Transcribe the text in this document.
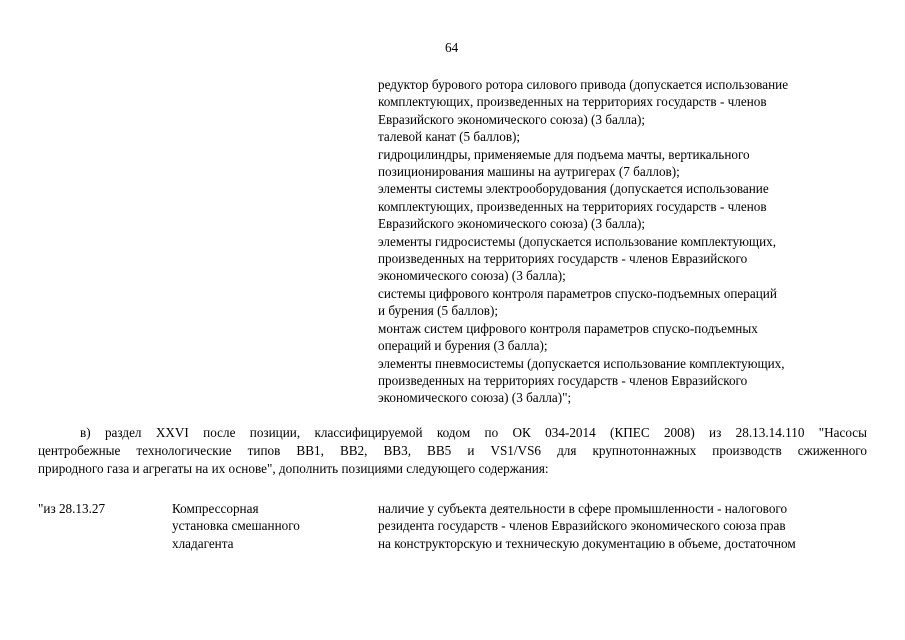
64
редуктор бурового ротора силового привода (допускается использование
комплектующих, произведенных на территориях государств - членов
Евразийского экономического союза) (3 балла);
талевой канат (5 баллов);
гидроцилиндры, применяемые для подъема мачты, вертикального
позиционирования машины на аутригерах (7 баллов);
элементы системы электрооборудования (допускается использование
комплектующих, произведенных на территориях государств - членов
Евразийского экономического союза) (3 балла);
элементы гидросистемы (допускается использование комплектующих,
произведенных на территориях государств - членов Евразийского
экономического союза) (3 балла);
системы цифрового контроля параметров спуско-подъемных операций
и бурения (5 баллов);
монтаж систем цифрового контроля параметров спуско-подъемных
операций и бурения (3 балла);
элементы пневмосистемы (допускается использование комплектующих,
произведенных на территориях государств - членов Евразийского
экономического союза) (3 балла)";
в) раздел XXVI после позиции, классифицируемой кодом по ОК 034-2014 (КПЕС 2008) из 28.13.14.110 "Насосы
центробежные технологические типов ВВ1, ВВ2, ВВ3, ВВ5 и VS1/VS6 для крупнотоннажных производств сжиженного
природного газа и агрегаты на их основе", дополнить позициями следующего содержания:
"из 28.13.27	Компрессорная
установка смешанного
хладагента
наличие у субъекта деятельности в сфере промышленности - налогового
резидента государств - членов Евразийского экономического союза прав
на конструкторскую и техническую документацию в объеме, достаточном
